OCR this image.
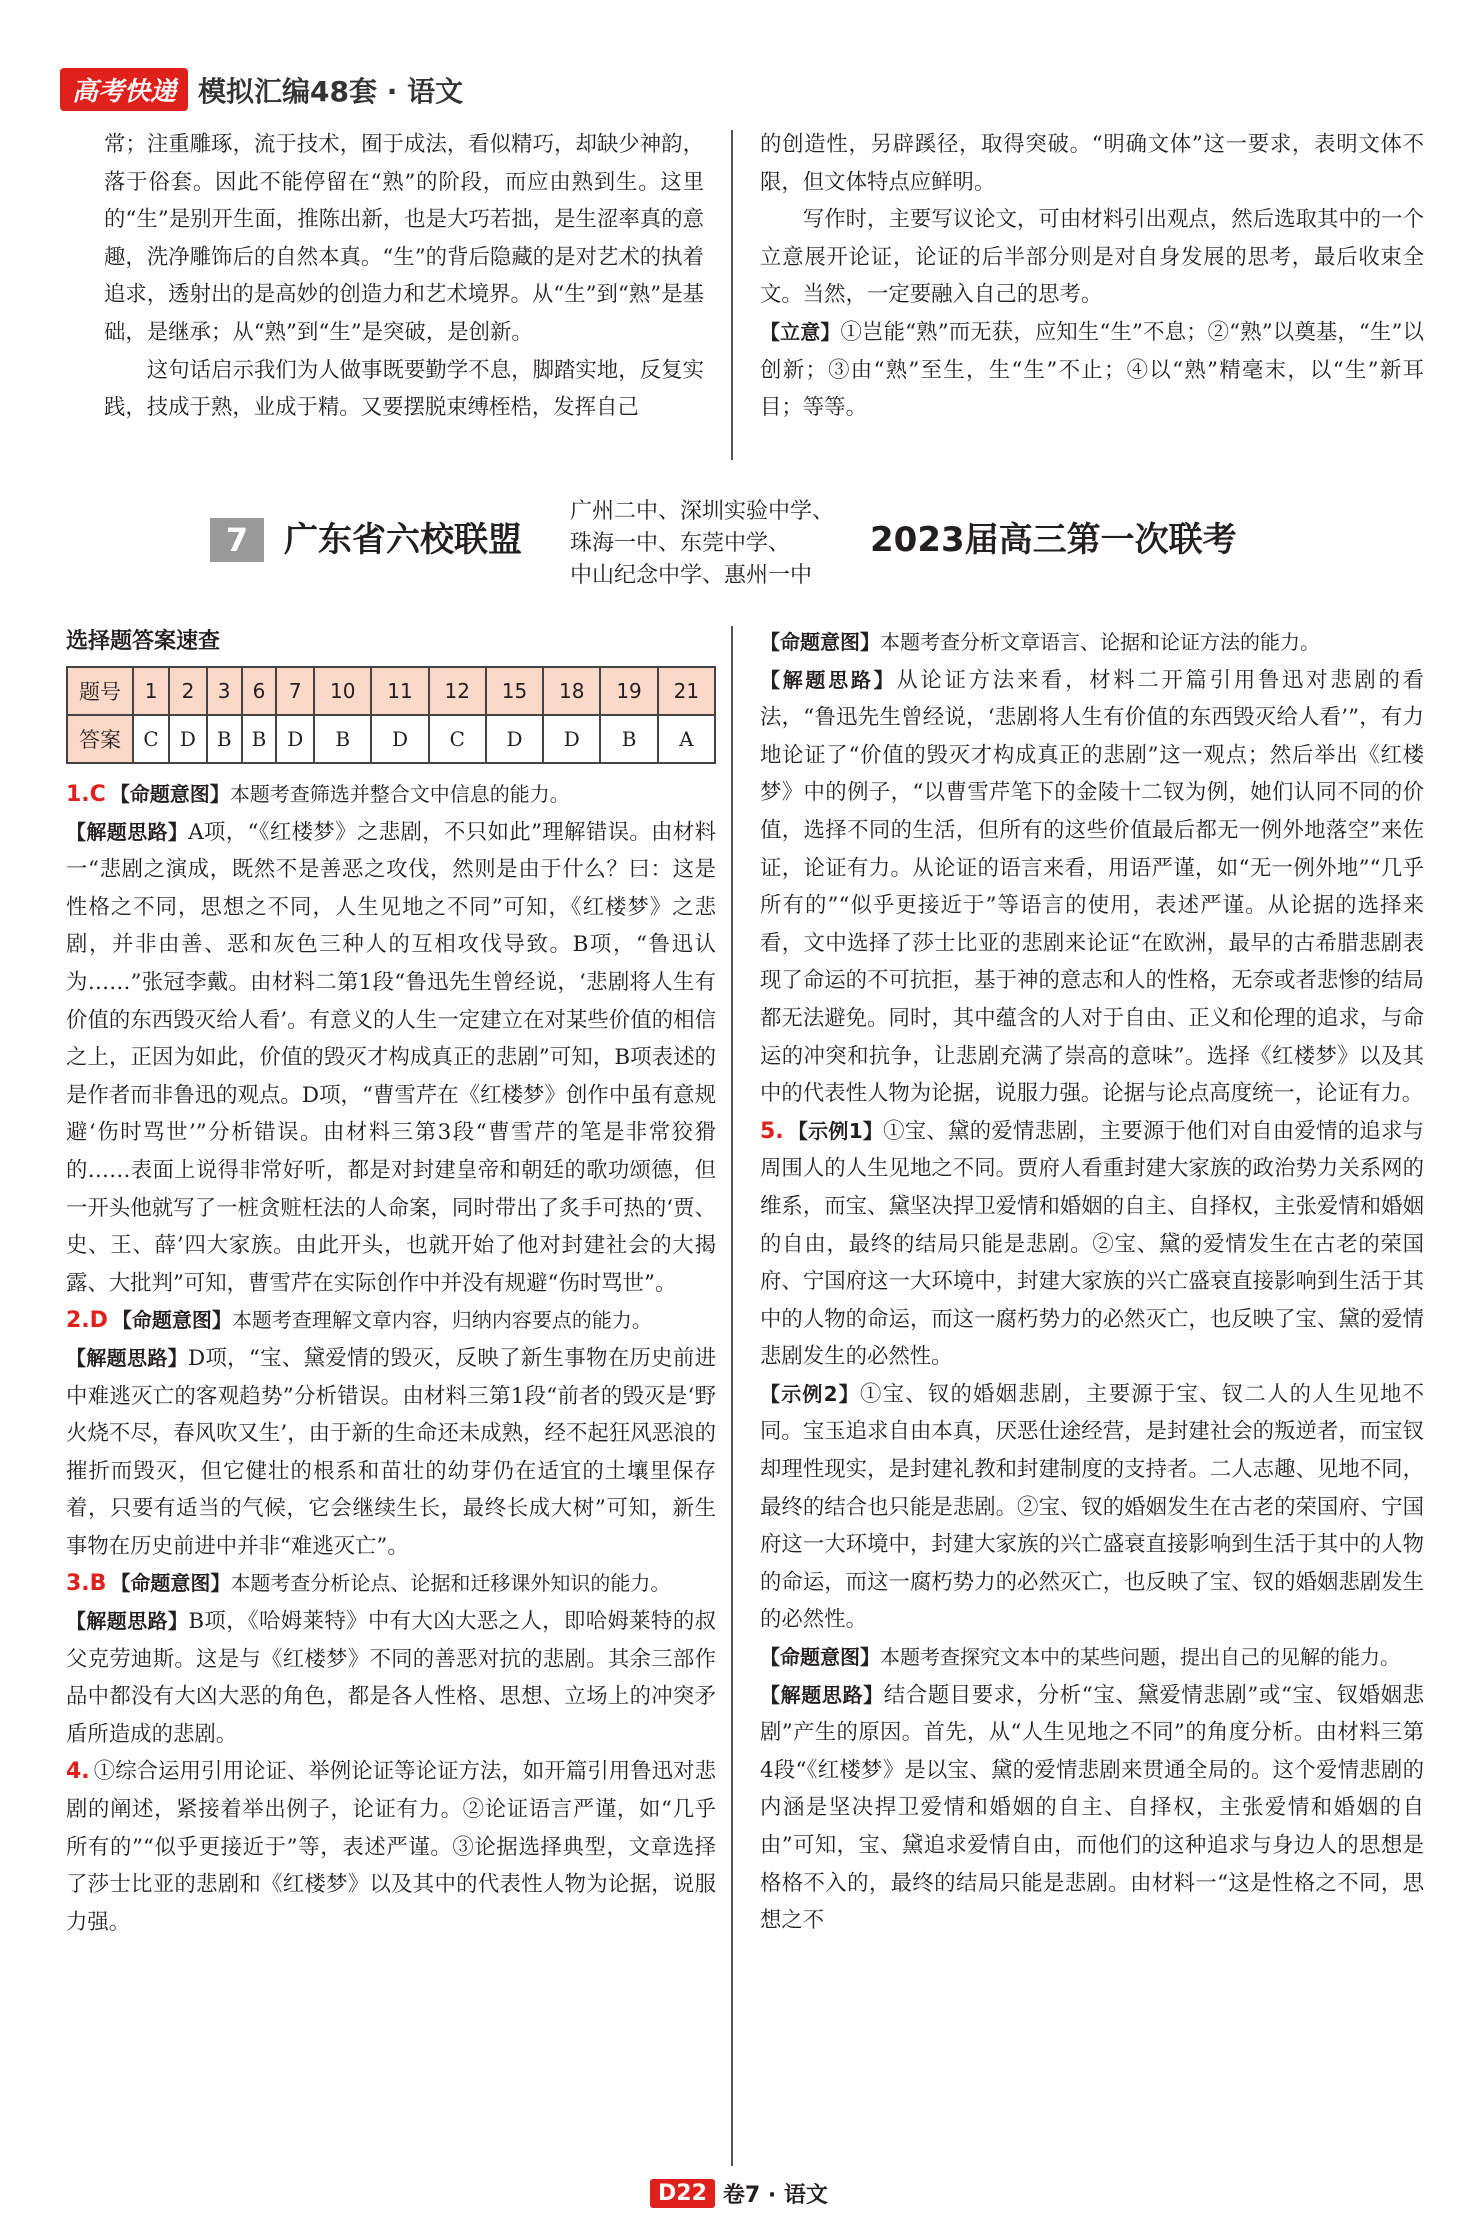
高考快递 模拟汇编48套 · 语文

常；注重雕琢，流于技术，囿于成法，看似精巧，却缺少神韵，落于俗套。因此不能停留在“熟”的阶段，而应由熟到生。这里的“生”是别开生面，推陈出新，也是大巧若拙，是生涩率真的意趣，洗净雕饰后的自然本真。“生”的背后隐藏的是对艺术的执着追求，透射出的是高妙的创造力和艺术境界。从“生”到“熟”是基础，是继承；从“熟”到“生”是突破，是创新。

这句话启示我们为人做事既要勤学不息，脚踏实地，反复实践，技成于熟，业成于精。又要摆脱束缚桎梏，发挥自己

的创造性，另辟蹊径，取得突破。“明确文体”这一要求，表明文体不限，但文体特点应鲜明。

写作时，主要写议论文，可由材料引出观点，然后选取其中的一个立意展开论证，论证的后半部分则是对自身发展的思考，最后收束全文。当然，一定要融入自己的思考。

【立意】①岂能“熟”而无获，应知生“生”不息；②“熟”以奠基，“生”以创新；③由“熟”至生，生“生”不止；④以“熟”精毫末，以“生”新耳目；等等。

7	广东省六校联盟
广州二中、深圳实验中学、
珠海一中、东莞中学、
中山纪念中学、惠州一中
2023届高三第一次联考
选择题答案速查
题号	1	2	3	6	7	10	11	12	15	18	19	21
答案	C	D	B	B	D	B	D	C	D	D	B	A

1.C 【命题意图】本题考查筛选并整合文中信息的能力。

【解题思路】A项，“《红楼梦》之悲剧，不只如此”理解错误。由材料一“悲剧之演成，既然不是善恶之攻伐，然则是由于什么？曰：这是性格之不同，思想之不同，人生见地之不同”可知，《红楼梦》之悲剧，并非由善、恶和灰色三种人的互相攻伐导致。B项，“鲁迅认为……”张冠李戴。由材料二第1段“鲁迅先生曾经说，‘悲剧将人生有价值的东西毁灭给人看’。有意义的人生一定建立在对某些价值的相信之上，正因为如此，价值的毁灭才构成真正的悲剧”可知，B项表述的是作者而非鲁迅的观点。D项，“曹雪芹在《红楼梦》创作中虽有意规避‘伤时骂世’”分析错误。由材料三第3段“曹雪芹的笔是非常狡猾的……表面上说得非常好听，都是对封建皇帝和朝廷的歌功颂德，但一开头他就写了一桩贪赃枉法的人命案，同时带出了炙手可热的‘贾、史、王、薛’四大家族。由此开头，也就开始了他对封建社会的大揭露、大批判”可知，曹雪芹在实际创作中并没有规避“伤时骂世”。

2.D 【命题意图】本题考查理解文章内容，归纳内容要点的能力。

【解题思路】D项，“宝、黛爱情的毁灭，反映了新生事物在历史前进中难逃灭亡的客观趋势”分析错误。由材料三第1段“前者的毁灭是‘野火烧不尽，春风吹又生’，由于新的生命还未成熟，经不起狂风恶浪的摧折而毁灭，但它健壮的根系和苗壮的幼芽仍在适宜的土壤里保存着，只要有适当的气候，它会继续生长，最终长成大树”可知，新生事物在历史前进中并非“难逃灭亡”。

3.B 【命题意图】本题考查分析论点、论据和迁移课外知识的能力。

【解题思路】B项，《哈姆莱特》中有大凶大恶之人，即哈姆莱特的叔父克劳迪斯。这是与《红楼梦》不同的善恶对抗的悲剧。其余三部作品中都没有大凶大恶的角色，都是各人性格、思想、立场上的冲突矛盾所造成的悲剧。

4. ①综合运用引用论证、举例论证等论证方法，如开篇引用鲁迅对悲剧的阐述，紧接着举出例子，论证有力。②论证语言严谨，如“几乎所有的”“似乎更接近于”等，表述严谨。③论据选择典型，文章选择了莎士比亚的悲剧和《红楼梦》以及其中的代表性人物为论据，说服力强。

【命题意图】本题考查分析文章语言、论据和论证方法的能力。

【解题思路】从论证方法来看，材料二开篇引用鲁迅对悲剧的看法，“鲁迅先生曾经说，‘悲剧将人生有价值的东西毁灭给人看’”，有力地论证了“价值的毁灭才构成真正的悲剧”这一观点；然后举出《红楼梦》中的例子，“以曹雪芹笔下的金陵十二钗为例，她们认同不同的价值，选择不同的生活，但所有的这些价值最后都无一例外地落空”来佐证，论证有力。从论证的语言来看，用语严谨，如“无一例外地”“几乎所有的”“似乎更接近于”等语言的使用，表述严谨。从论据的选择来看，文中选择了莎士比亚的悲剧来论证“在欧洲，最早的古希腊悲剧表现了命运的不可抗拒，基于神的意志和人的性格，无奈或者悲惨的结局都无法避免。同时，其中蕴含的人对于自由、正义和伦理的追求，与命运的冲突和抗争，让悲剧充满了崇高的意味”。选择《红楼梦》以及其中的代表性人物为论据，说服力强。论据与论点高度统一，论证有力。

5. 【示例1】①宝、黛的爱情悲剧，主要源于他们对自由爱情的追求与周围人的人生见地之不同。贾府人看重封建大家族的政治势力关系网的维系，而宝、黛坚决捍卫爱情和婚姻的自主、自择权，主张爱情和婚姻的自由，最终的结局只能是悲剧。②宝、黛的爱情发生在古老的荣国府、宁国府这一大环境中，封建大家族的兴亡盛衰直接影响到生活于其中的人物的命运，而这一腐朽势力的必然灭亡，也反映了宝、黛的爱情悲剧发生的必然性。

【示例2】①宝、钗的婚姻悲剧，主要源于宝、钗二人的人生见地不同。宝玉追求自由本真，厌恶仕途经营，是封建社会的叛逆者，而宝钗却理性现实，是封建礼教和封建制度的支持者。二人志趣、见地不同，最终的结合也只能是悲剧。②宝、钗的婚姻发生在古老的荣国府、宁国府这一大环境中，封建大家族的兴亡盛衰直接影响到生活于其中的人物的命运，而这一腐朽势力的必然灭亡，也反映了宝、钗的婚姻悲剧发生的必然性。

【命题意图】本题考查探究文本中的某些问题，提出自己的见解的能力。

【解题思路】结合题目要求，分析“宝、黛爱情悲剧”或“宝、钗婚姻悲剧”产生的原因。首先，从“人生见地之不同”的角度分析。由材料三第4段“《红楼梦》是以宝、黛的爱情悲剧来贯通全局的。这个爱情悲剧的内涵是坚决捍卫爱情和婚姻的自主、自择权，主张爱情和婚姻的自由”可知，宝、黛追求爱情自由，而他们的这种追求与身边人的思想是格格不入的，最终的结局只能是悲剧。由材料一“这是性格之不同，思想之不

D22 卷7 · 语文
